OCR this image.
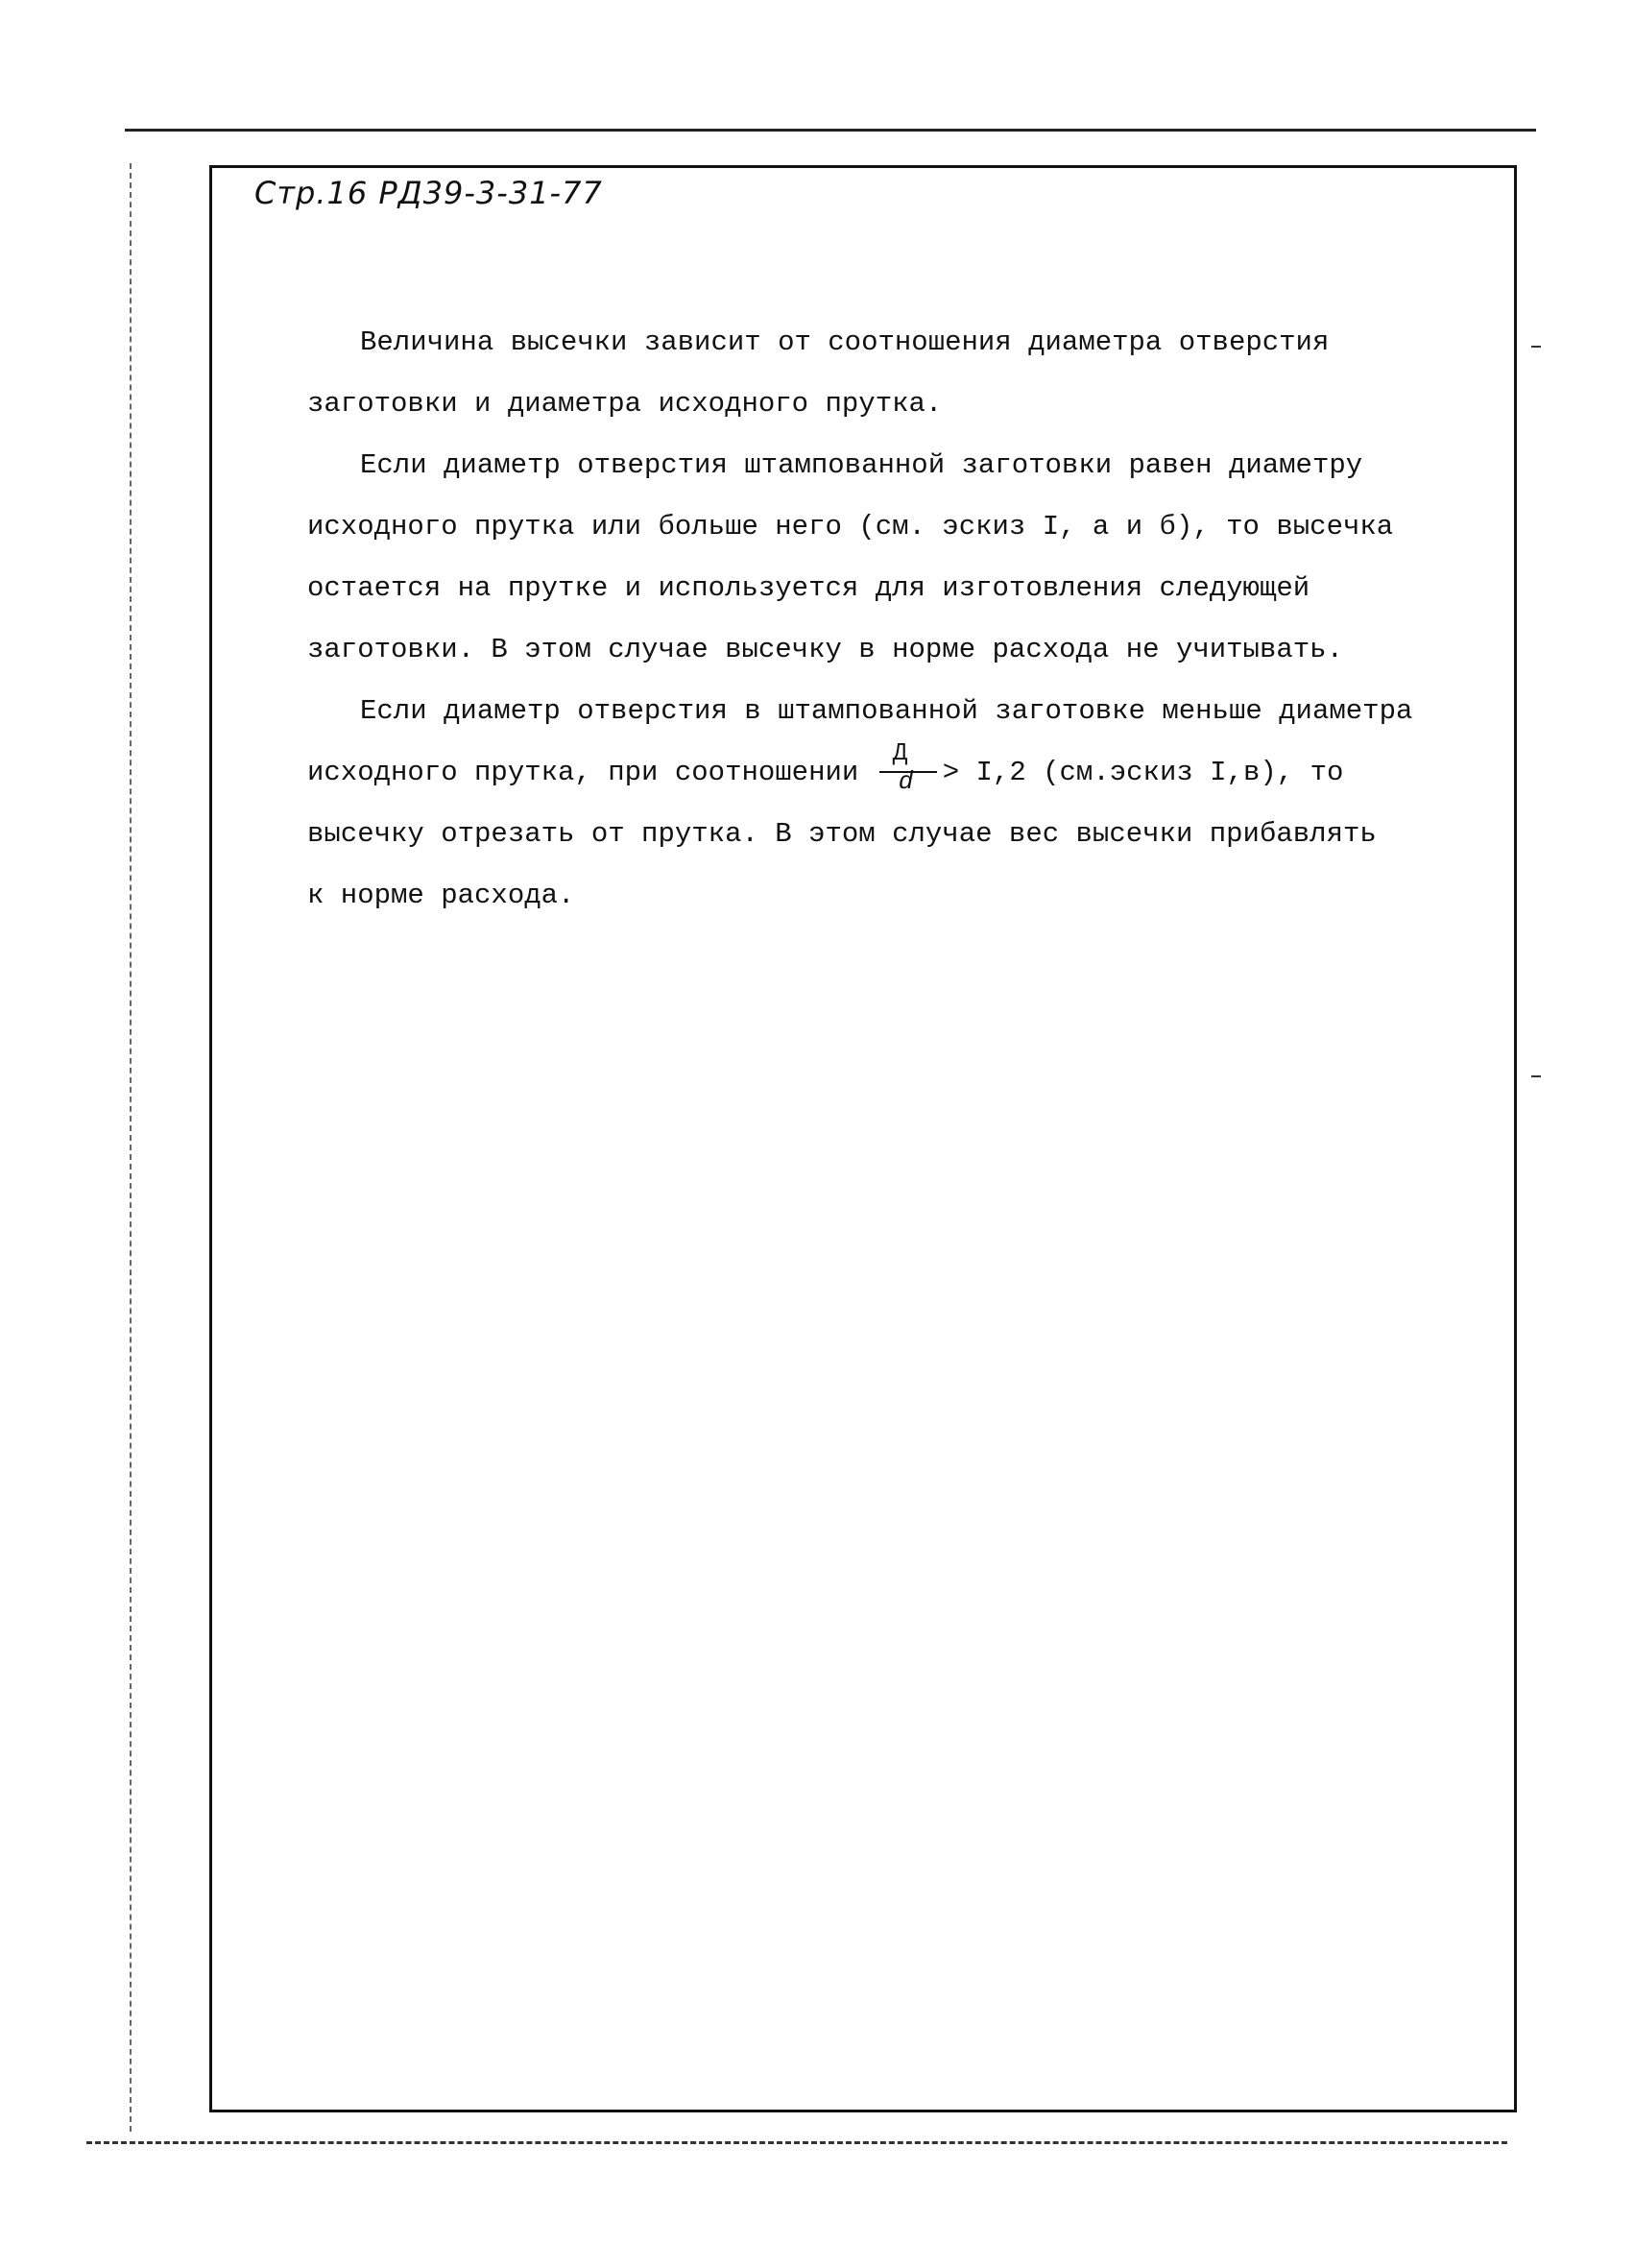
Стр.16 РД39-3-31-77

Величина высечки зависит от соотношения диаметра отверстия

заготовки и диаметра исходного прутка.

Если диаметр отверстия штампованной заготовки равен диаметру

исходного прутка или больше него (см. эскиз I, а и б), то высечка

остается на прутке и используется для изготовления следующей

заготовки. В этом случае высечку в норме расхода не учитывать.

Если диаметр отверстия в штампованной заготовке меньше диаметра

исходного прутка, при соотношении $\frac{Д}{d} > I,2$ (см.эскиз I,в), то

высечку отрезать от прутка. В этом случае вес высечки прибавлять

к норме расхода.
